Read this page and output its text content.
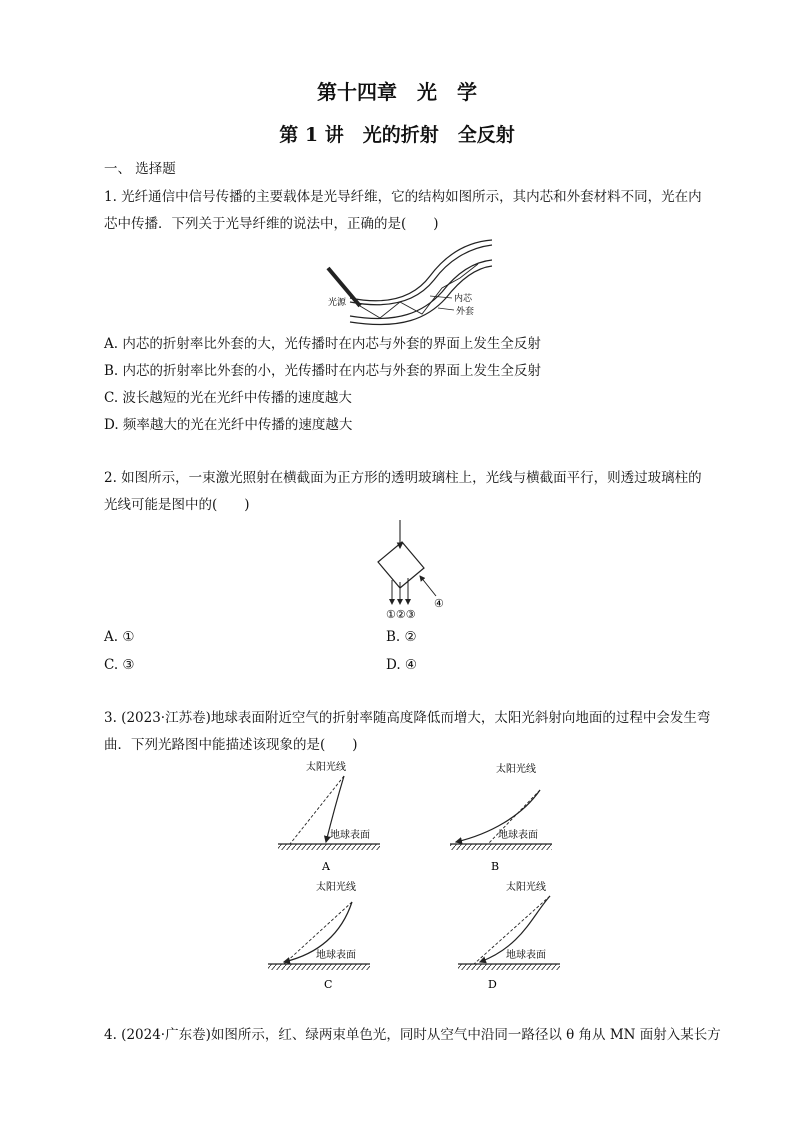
第十四章　光　学
第 1 讲　光的折射　全反射
一、 选择题
1. 光纤通信中信号传播的主要载体是光导纤维，它的结构如图所示，其内芯和外套材料不同，光在内
芯中传播．下列关于光导纤维的说法中，正确的是(　　)
光源	内芯
外套
A. 内芯的折射率比外套的大，光传播时在内芯与外套的界面上发生全反射
B. 内芯的折射率比外套的小，光传播时在内芯与外套的界面上发生全反射
C. 波长越短的光在光纤中传播的速度越大
D. 频率越大的光在光纤中传播的速度越大
2. 如图所示，一束激光照射在横截面为正方形的透明玻璃柱上，光线与横截面平行，则透过玻璃柱的
光线可能是图中的(　　)
①②③
④
A. ①	B. ②
C. ③	D. ④
3. (2023·江苏卷)地球表面附近空气的折射率随高度降低而增大，太阳光斜射向地面的过程中会发生弯
曲．下列光路图中能描述该现象的是(　　)
太阳光线
地球表面
A
太阳光线
地球表面
B
太阳光线
地球表面
C
太阳光线
地球表面
D
4. (2024·广东卷)如图所示，红、绿两束单色光，同时从空气中沿同一路径以 θ 角从 MN 面射入某长方
